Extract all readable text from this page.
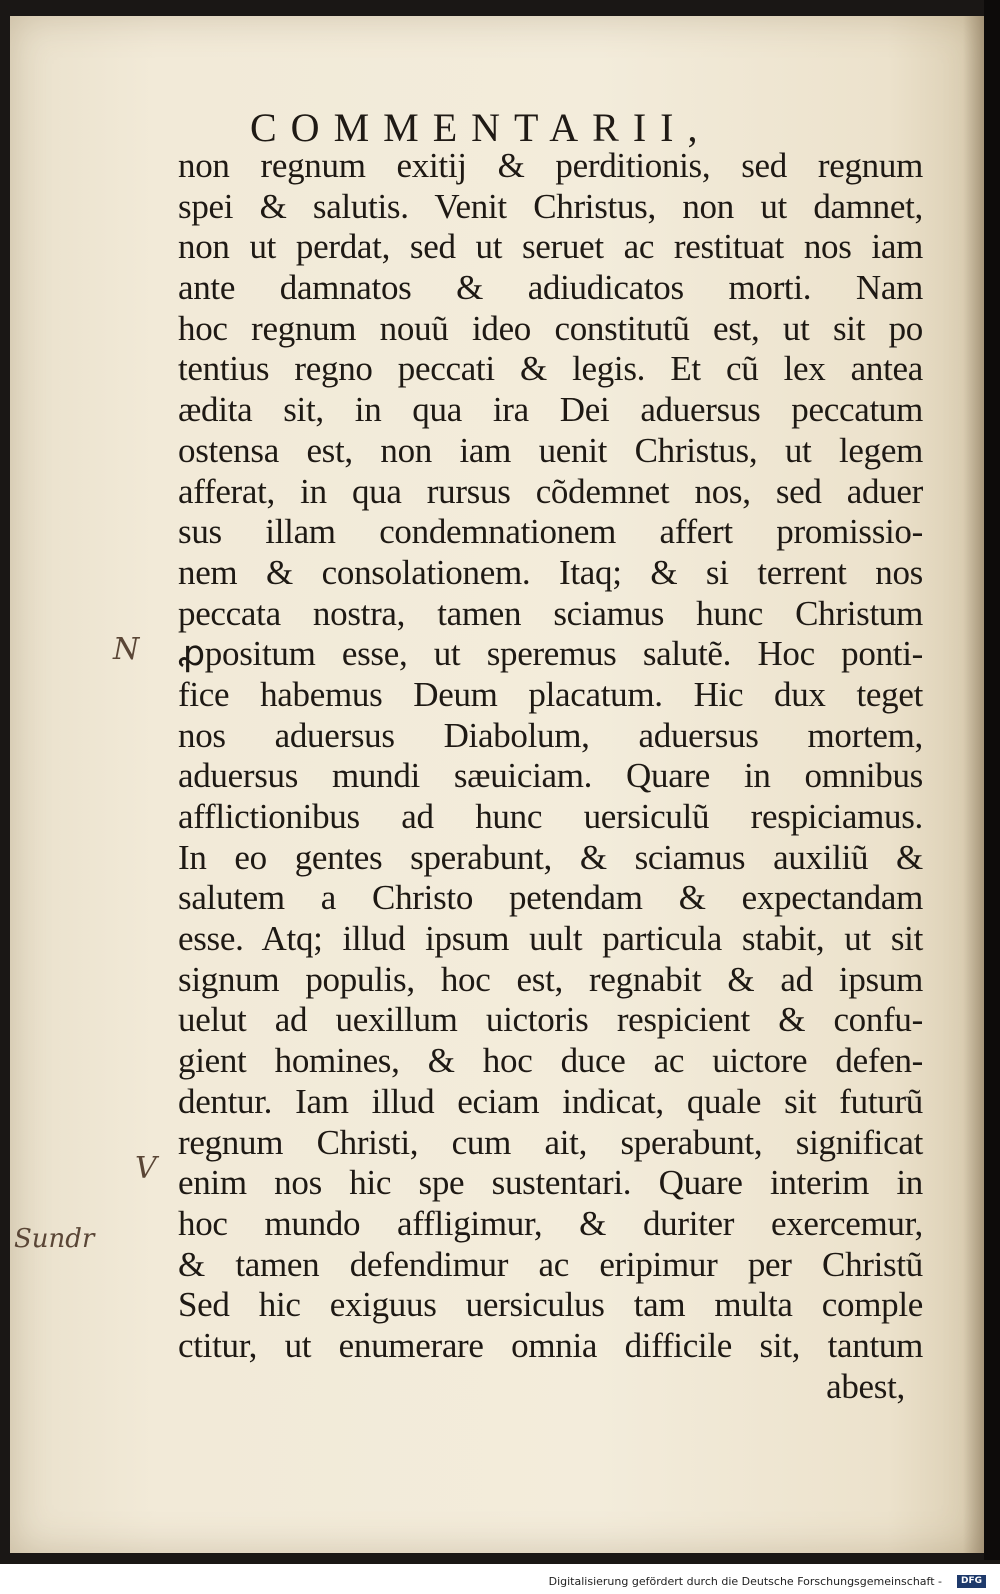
COMMENTARII,
non regnum exitij & perditionis, sed regnum
spei & salutis. Venit Christus, non ut damnet,
non ut perdat, sed ut seruet ac restituat nos iam
ante damnatos & adiudicatos morti. Nam
hoc regnum nouũ ideo constitutũ est, ut sit po
tentius regno peccati & legis. Et cũ lex antea
ædita sit, in qua ira Dei aduersus peccatum
ostensa est, non iam uenit Christus, ut legem
afferat, in qua rursus cõdemnet nos, sed aduer
sus illam condemnationem affert promissio-
nem & consolationem. Itaq; & si terrent nos
peccata nostra, tamen sciamus hunc Christum
ꝓpositum esse, ut speremus salutẽ. Hoc ponti-
fice habemus Deum placatum. Hic dux teget
nos aduersus Diabolum, aduersus mortem,
aduersus mundi sæuiciam. Quare in omnibus
afflictionibus ad hunc uersiculũ respiciamus.
In eo gentes sperabunt, & sciamus auxiliũ &
salutem a Christo petendam & expectandam
esse. Atq; illud ipsum uult particula stabit, ut sit
signum populis, hoc est, regnabit & ad ipsum
uelut ad uexillum uictoris respicient & confu-
gient homines, & hoc duce ac uictore defen-
dentur. Iam illud eciam indicat, quale sit futurũ
regnum Christi, cum ait, sperabunt, significat
enim nos hic spe sustentari. Quare interim in
hoc mundo affligimur, & duriter exercemur,
& tamen defendimur ac eripimur per Christũ
Sed hic exiguus uersiculus tam multa comple
ctitur, ut enumerare omnia difficile sit, tantum
abest,
N
V
Sundr
Digitalisierung gefördert durch die Deutsche Forschungsgemeinschaft -	DFG
